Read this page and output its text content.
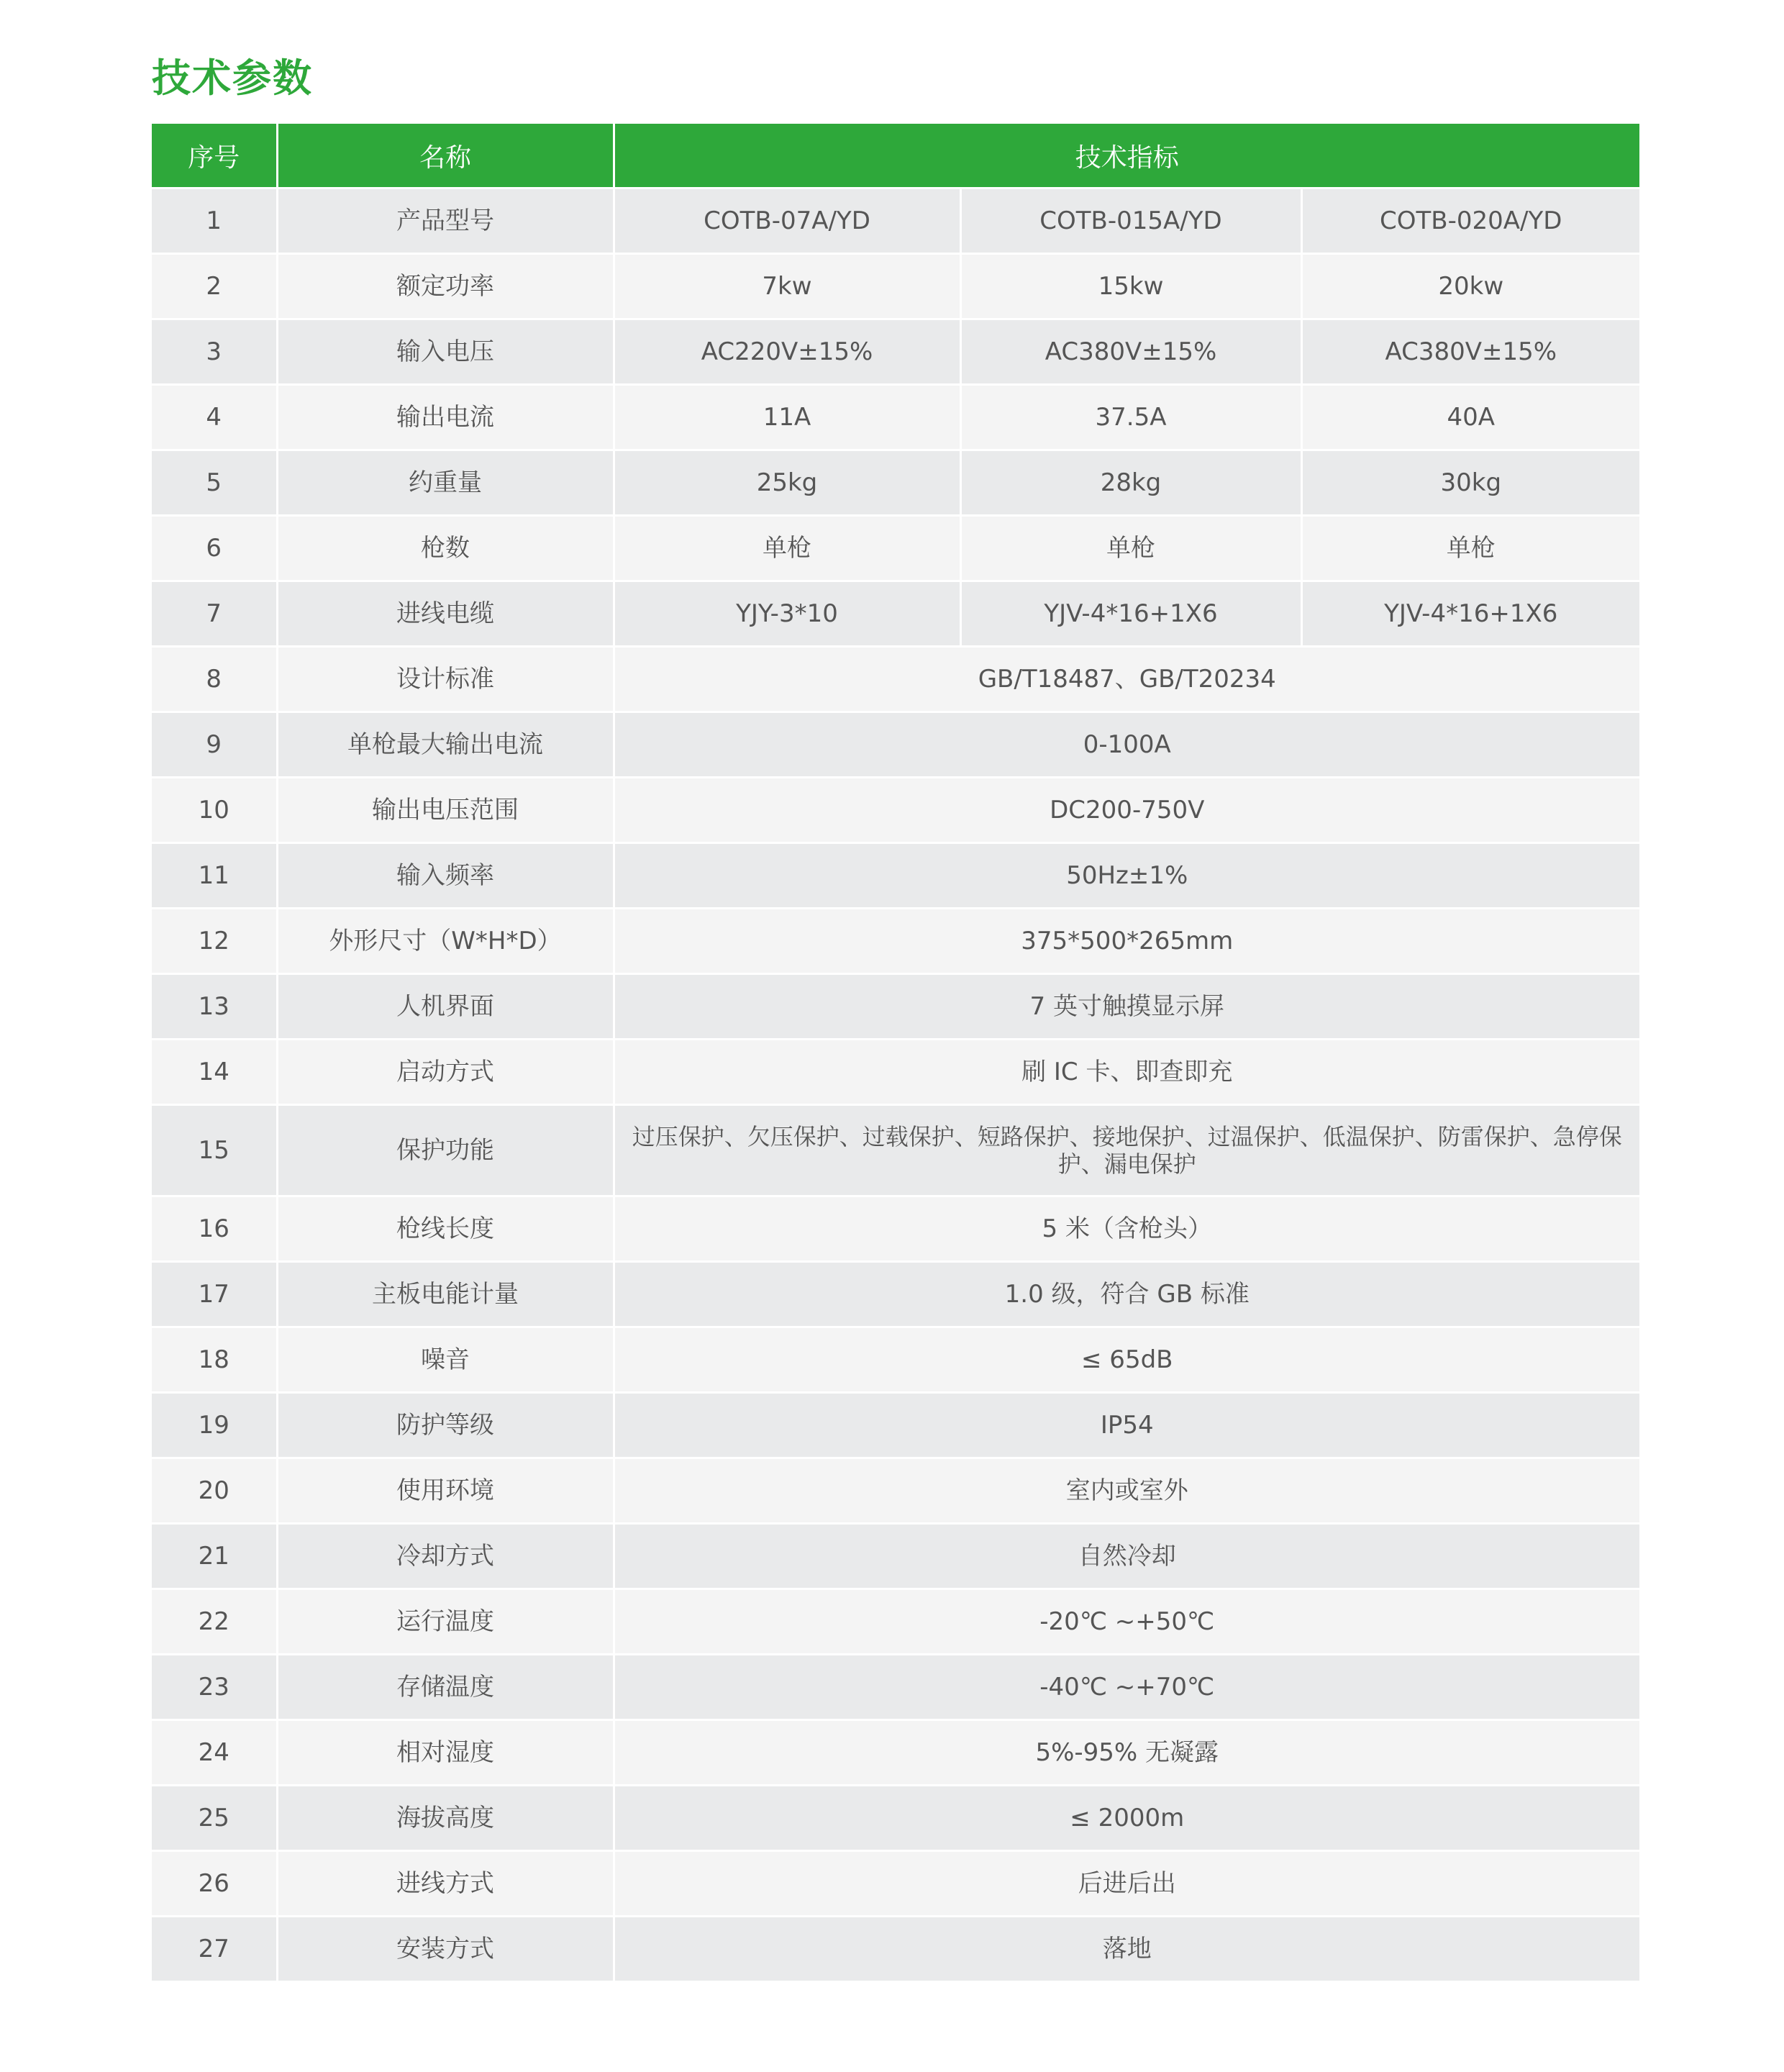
技术参数
序号	名称	技术指标		
1	产品型号	COTB-07A/YD	COTB-015A/YD	COTB-020A/YD
2	额定功率	7kw	15kw	20kw
3	输入电压	AC220V±15%	AC380V±15%	AC380V±15%
4	输出电流	11A	37.5A	40A
5	约重量	25kg	28kg	30kg
6	枪数	单枪	单枪	单枪
7	进线电缆	YJY-3*10	YJV-4*16+1X6	YJV-4*16+1X6
8	设计标准	GB/T18487、GB/T20234		
9	单枪最大输出电流	0-100A		
10	输出电压范围	DC200-750V		
11	输入频率	50Hz±1%		
12	外形尺寸（W*H*D）	375*500*265mm		
13	人机界面	7 英寸触摸显示屏		
14	启动方式	刷 IC 卡、即查即充		
15	保护功能	过压保护、欠压保护、过载保护、短路保护、接地保护、过温保护、低温保护、防雷保护、急停保护、漏电保护		
16	枪线长度	5 米（含枪头）		
17	主板电能计量	1.0 级，符合 GB 标准		
18	噪音	≤ 65dB		
19	防护等级	IP54		
20	使用环境	室内或室外		
21	冷却方式	自然冷却		
22	运行温度	-20℃ ~+50℃		
23	存储温度	-40℃ ~+70℃		
24	相对湿度	5%-95% 无凝露		
25	海拔高度	≤ 2000m		
26	进线方式	后进后出		
27	安装方式	落地		
